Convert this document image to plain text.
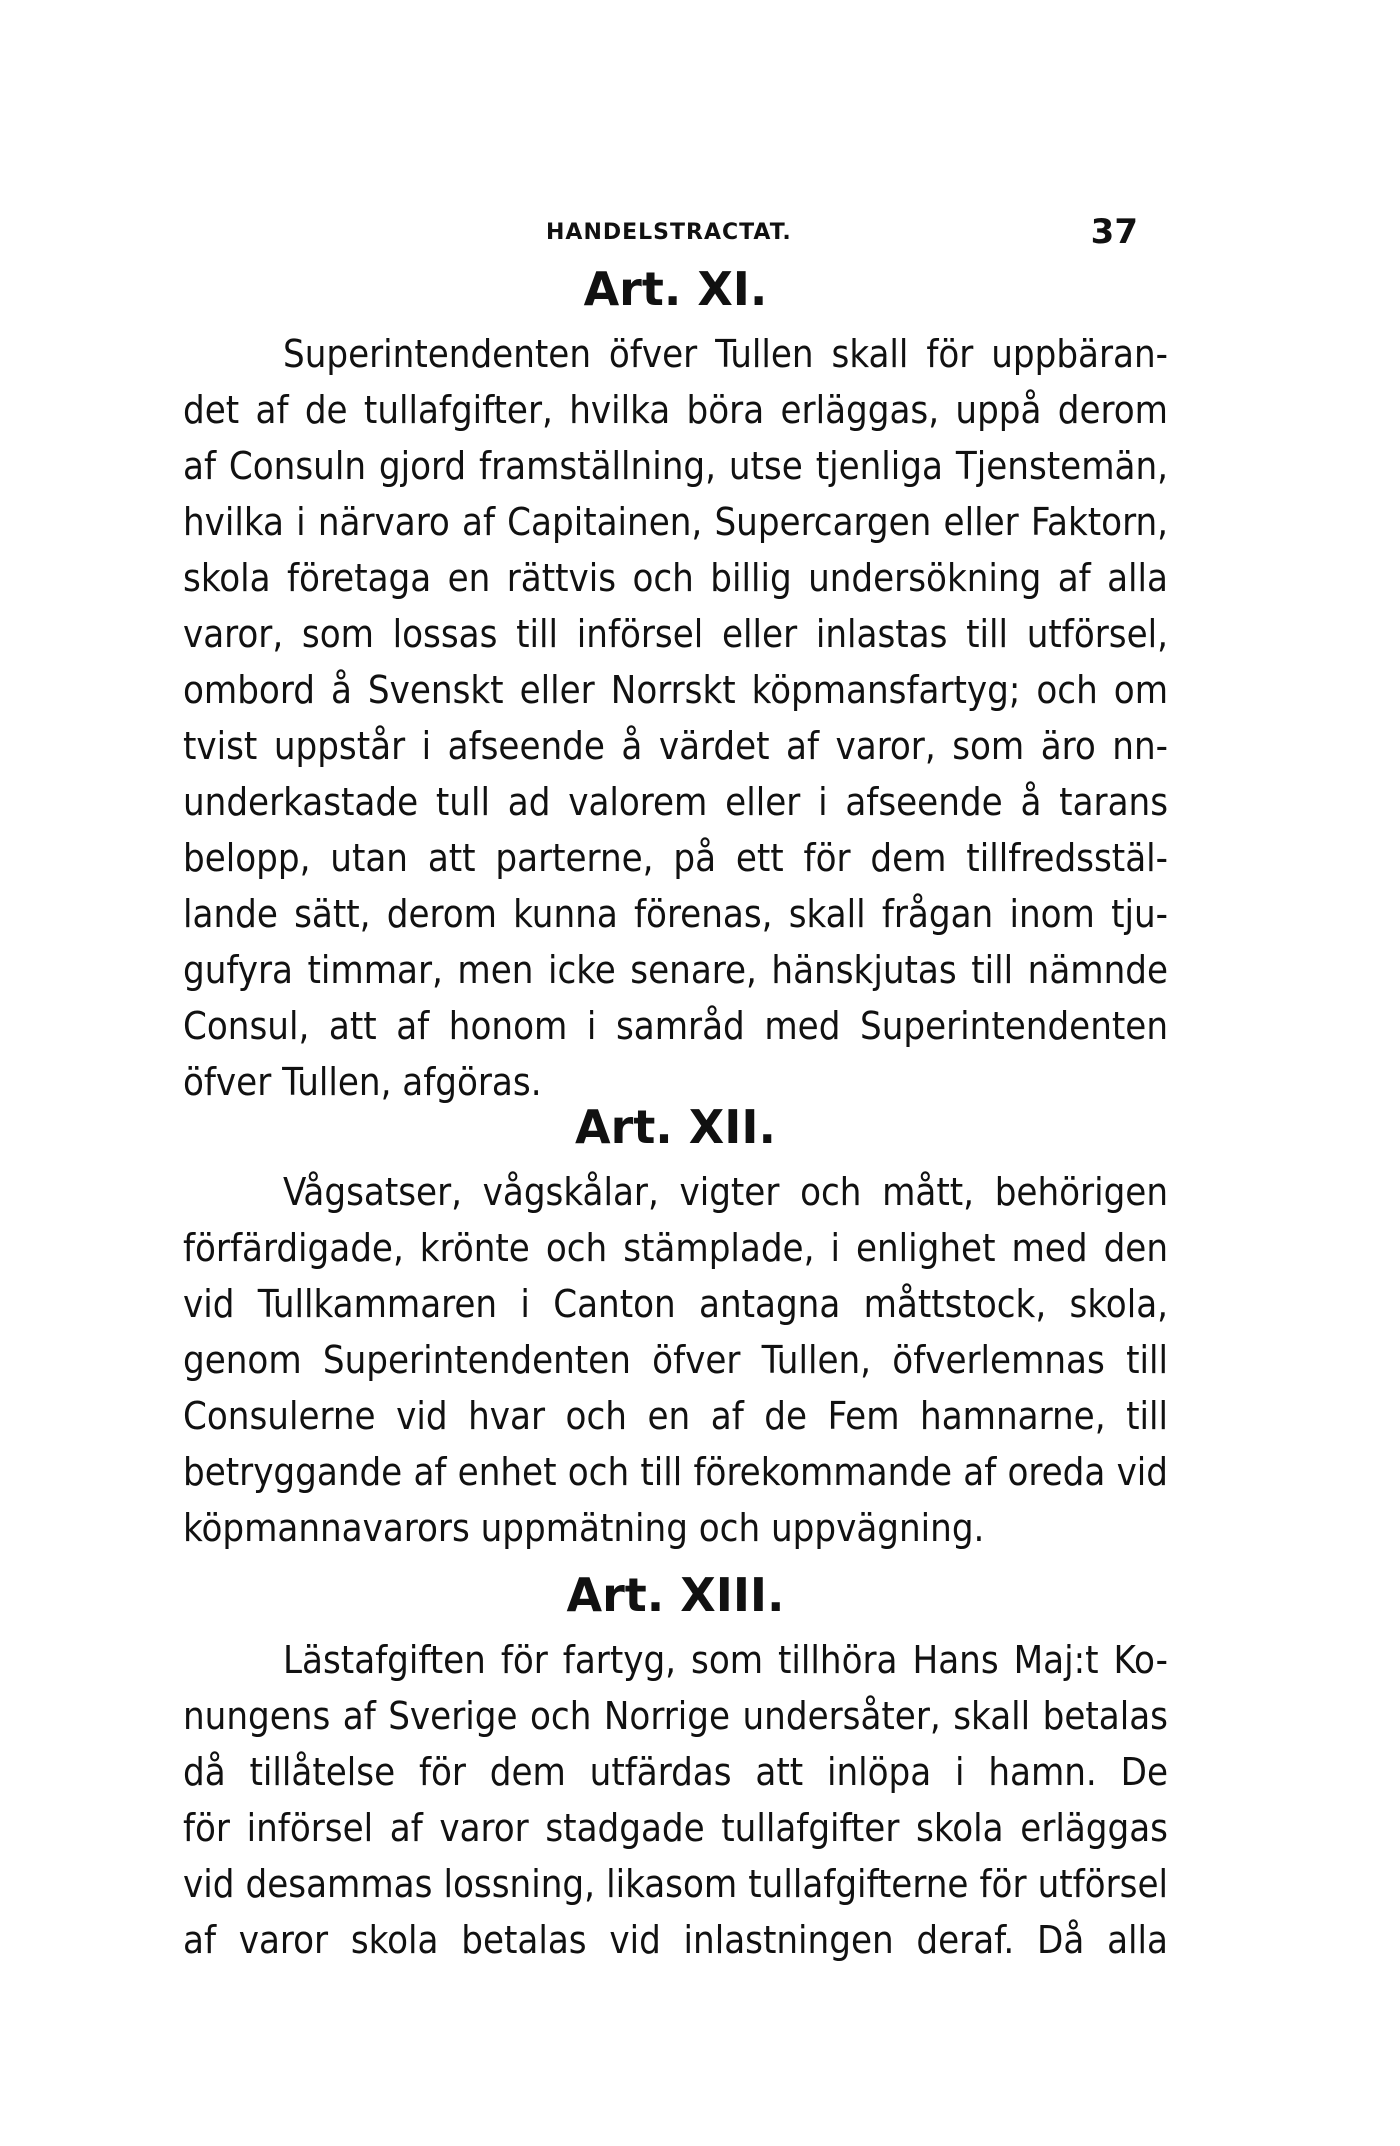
HANDELSTRACTAT.	37
Art. XI.
Superintendenten öfver Tullen skall för uppbäran-
det af de tullafgifter, hvilka böra erläggas, uppå derom
af Consuln gjord framställning, utse tjenliga Tjenstemän,
hvilka i närvaro af Capitainen, Supercargen eller Faktorn,
skola företaga en rättvis och billig undersökning af alla
varor, som lossas till införsel eller inlastas till utförsel,
ombord å Svenskt eller Norrskt köpmansfartyg; och om
tvist uppstår i afseende å värdet af varor, som äro nn-
underkastade tull ad valorem eller i afseende å tarans
belopp, utan att parterne, på ett för dem tillfredsstäl-
lande sätt, derom kunna förenas, skall frågan inom tju-
gufyra timmar, men icke senare, hänskjutas till nämnde
Consul, att af honom i samråd med Superintendenten
öfver Tullen, afgöras.
Art. XII.
Vågsatser, vågskålar, vigter och mått, behörigen
förfärdigade, krönte och stämplade, i enlighet med den
vid Tullkammaren i Canton antagna måttstock, skola,
genom Superintendenten öfver Tullen, öfverlemnas till
Consulerne vid hvar och en af de Fem hamnarne, till
betryggande af enhet och till förekommande af oreda vid
köpmannavarors uppmätning och uppvägning.
Art. XIII.
Lästafgiften för fartyg, som tillhöra Hans Maj:t Ko-
nungens af Sverige och Norrige undersåter, skall betalas
då tillåtelse för dem utfärdas att inlöpa i hamn. De
för införsel af varor stadgade tullafgifter skola erläggas
vid desammas lossning, likasom tullafgifterne för utförsel
af varor skola betalas vid inlastningen deraf. Då alla
